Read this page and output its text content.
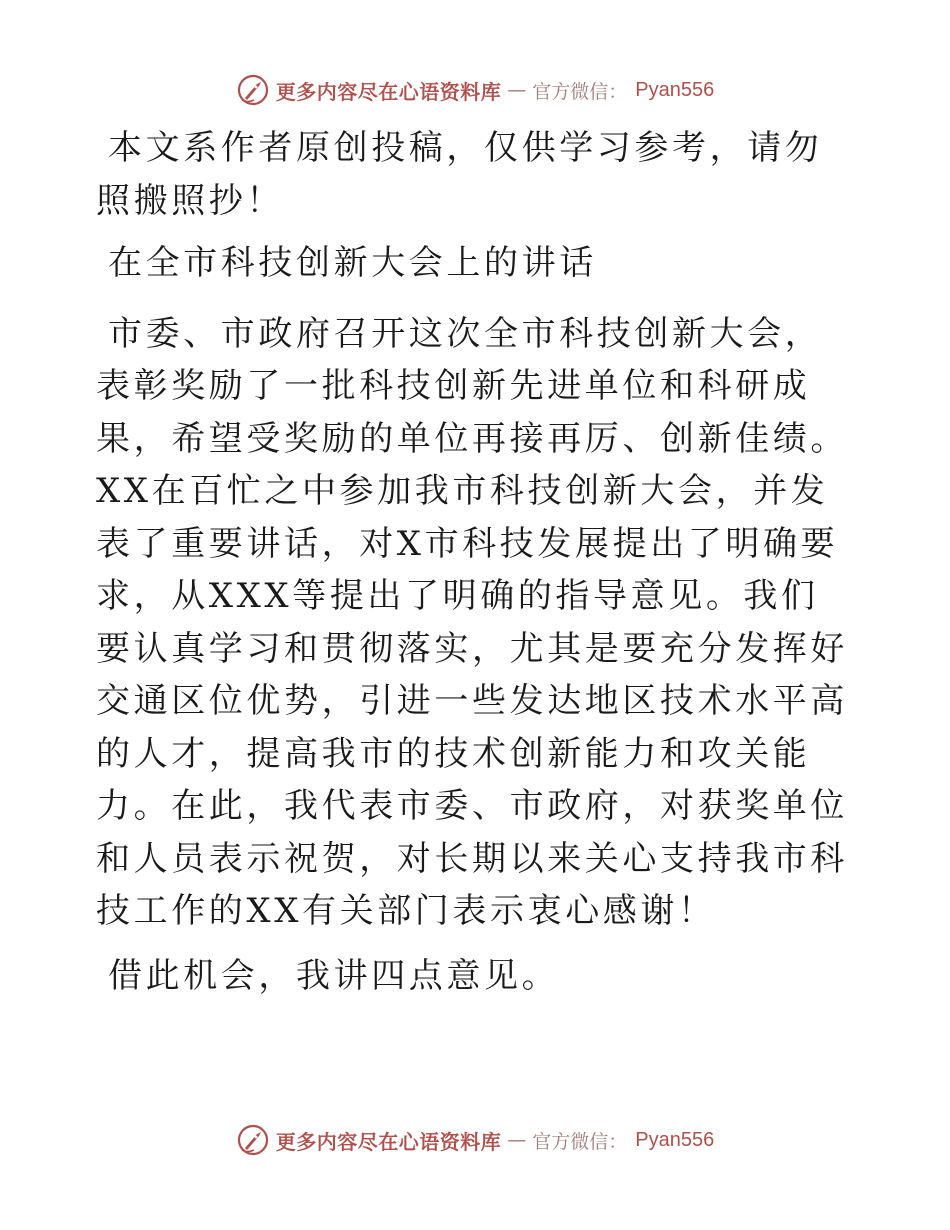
更多内容尽在心语资料库 — 官方微信： Pyan556

本文系作者原创投稿，仅供学习参考，请勿照搬照抄！

在全市科技创新大会上的讲话

市委、市政府召开这次全市科技创新大会，表彰奖励了一批科技创新先进单位和科研成果，希望受奖励的单位再接再厉、创新佳绩。XX在百忙之中参加我市科技创新大会，并发表了重要讲话，对X市科技发展提出了明确要求，从XXX等提出了明确的指导意见。我们要认真学习和贯彻落实，尤其是要充分发挥好交通区位优势，引进一些发达地区技术水平高的人才，提高我市的技术创新能力和攻关能力。在此，我代表市委、市政府，对获奖单位和人员表示祝贺，对长期以来关心支持我市科技工作的XX有关部门表示衷心感谢！

借此机会，我讲四点意见。

更多内容尽在心语资料库 — 官方微信： Pyan556
